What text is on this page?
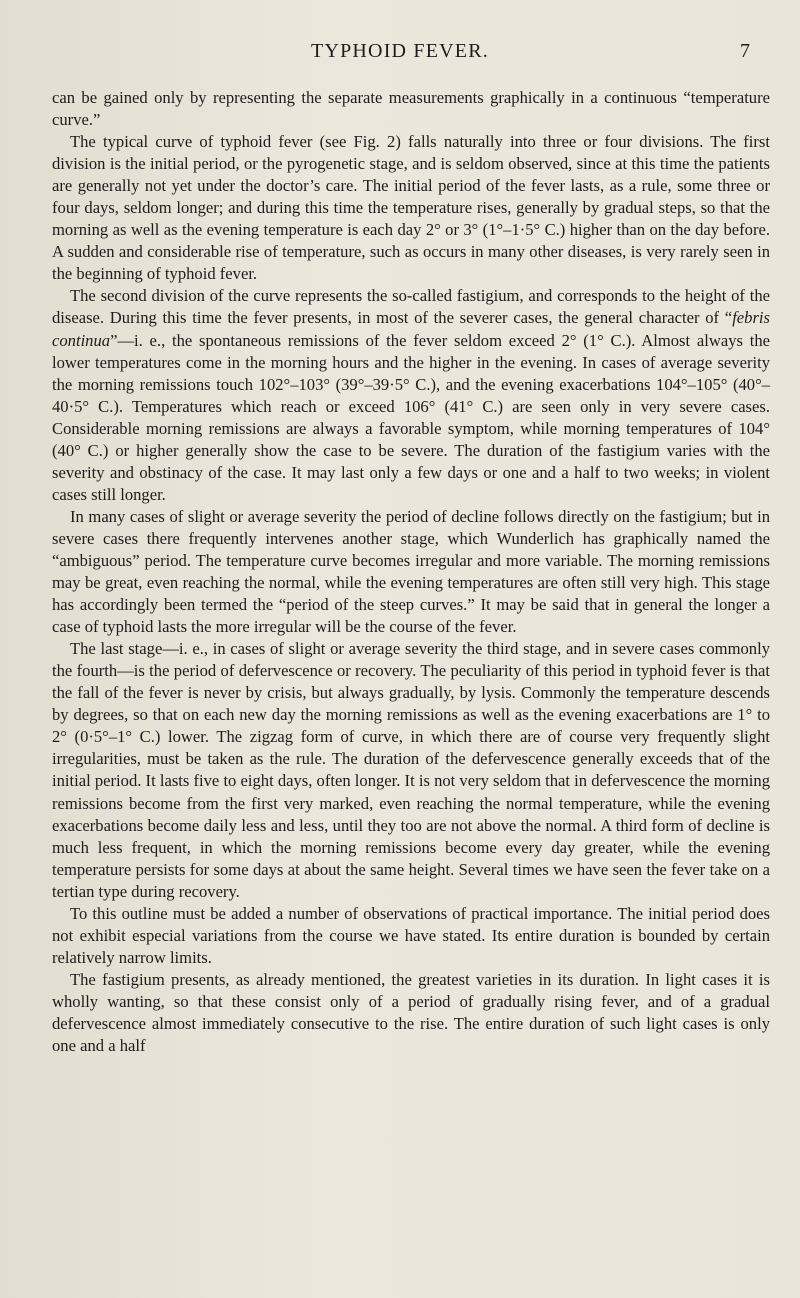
TYPHOID FEVER.	7

can be gained only by representing the separate measurements graphically in a continuous “temperature curve.”

The typical curve of typhoid fever (see Fig. 2) falls naturally into three or four divisions. The first division is the initial period, or the pyrogenetic stage, and is seldom observed, since at this time the patients are generally not yet under the doctor’s care. The initial period of the fever lasts, as a rule, some three or four days, seldom longer; and during this time the temperature rises, generally by gradual steps, so that the morning as well as the evening temperature is each day 2° or 3° (1°–1·5° C.) higher than on the day before. A sudden and considerable rise of temperature, such as occurs in many other diseases, is very rarely seen in the beginning of typhoid fever.

The second division of the curve represents the so-called fastigium, and corresponds to the height of the disease. During this time the fever presents, in most of the severer cases, the general character of “febris continua”—i. e., the spontaneous remissions of the fever seldom exceed 2° (1° C.). Almost always the lower temperatures come in the morning hours and the higher in the evening. In cases of average severity the morning remissions touch 102°–103° (39°–39·5° C.), and the evening exacerbations 104°–105° (40°–40·5° C.). Temperatures which reach or exceed 106° (41° C.) are seen only in very severe cases. Considerable morning remissions are always a favorable symptom, while morning temperatures of 104° (40° C.) or higher generally show the case to be severe. The duration of the fastigium varies with the severity and obstinacy of the case. It may last only a few days or one and a half to two weeks; in violent cases still longer.

In many cases of slight or average severity the period of decline follows directly on the fastigium; but in severe cases there frequently intervenes another stage, which Wunderlich has graphically named the “ambiguous” period. The temperature curve becomes irregular and more variable. The morning remissions may be great, even reaching the normal, while the evening temperatures are often still very high. This stage has accordingly been termed the “period of the steep curves.” It may be said that in general the longer a case of typhoid lasts the more irregular will be the course of the fever.

The last stage—i. e., in cases of slight or average severity the third stage, and in severe cases commonly the fourth—is the period of defervescence or recovery. The peculiarity of this period in typhoid fever is that the fall of the fever is never by crisis, but always gradually, by lysis. Commonly the temperature descends by degrees, so that on each new day the morning remissions as well as the evening exacerbations are 1° to 2° (0·5°–1° C.) lower. The zigzag form of curve, in which there are of course very frequently slight irregularities, must be taken as the rule. The duration of the defervescence generally exceeds that of the initial period. It lasts five to eight days, often longer. It is not very seldom that in defervescence the morning remissions become from the first very marked, even reaching the normal temperature, while the evening exacerbations become daily less and less, until they too are not above the normal. A third form of decline is much less frequent, in which the morning remissions become every day greater, while the evening temperature persists for some days at about the same height. Several times we have seen the fever take on a tertian type during recovery.

To this outline must be added a number of observations of practical importance. The initial period does not exhibit especial variations from the course we have stated. Its entire duration is bounded by certain relatively narrow limits.

The fastigium presents, as already mentioned, the greatest varieties in its duration. In light cases it is wholly wanting, so that these consist only of a period of gradually rising fever, and of a gradual defervescence almost immediately consecutive to the rise. The entire duration of such light cases is only one and a half
